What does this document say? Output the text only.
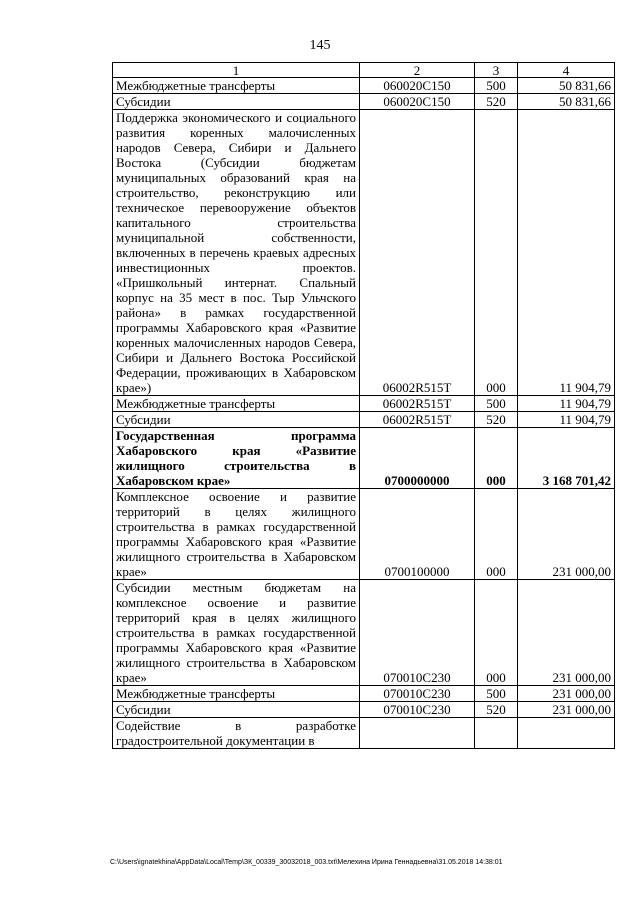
145
1	2	3	4
Межбюджетные трансферты	060020С150	500	50 831,66
Субсидии	060020С150	520	50 831,66
Поддержка экономического и социального развития коренных малочисленных народов Севера, Сибири и Дальнего Востока (Субсидии бюджетам муниципальных образований края на строительство, реконструкцию или техническое перевооружение объектов капитального строительства муниципальной собственности, включенных в перечень краевых адресных инвестиционных проектов. «Пришкольный интернат. Спальный корпус на 35 мест в пос. Тыр Ульчского района» в рамках государственной программы Хабаровского края «Развитие коренных малочисленных народов Севера, Сибири и Дальнего Востока Российской Федерации, проживающих в Хабаровском крае»)	06002R515Т	000	11 904,79
Межбюджетные трансферты	06002R515Т	500	11 904,79
Субсидии	06002R515Т	520	11 904,79
Государственная программа Хабаровского края «Развитие жилищного строительства в Хабаровском крае»	0700000000	000	3 168 701,42
Комплексное освоение и развитие территорий в целях жилищного строительства в рамках государственной программы Хабаровского края «Развитие жилищного строительства в Хабаровском крае»	0700100000	000	231 000,00
Субсидии местным бюджетам на комплексное освоение и развитие территорий края в целях жилищного строительства в рамках государственной программы Хабаровского края «Развитие жилищного строительства в Хабаровском крае»	070010С230	000	231 000,00
Межбюджетные трансферты	070010С230	500	231 000,00
Субсидии	070010С230	520	231 000,00
Содействие в разработке градостроительной документации в			
C:\Users\ignatekhina\AppData\Local\Temp\ЗК_00339_30032018_003.txt\Мелехина Ирина Геннадьевна\31.05.2018 14:38:01
